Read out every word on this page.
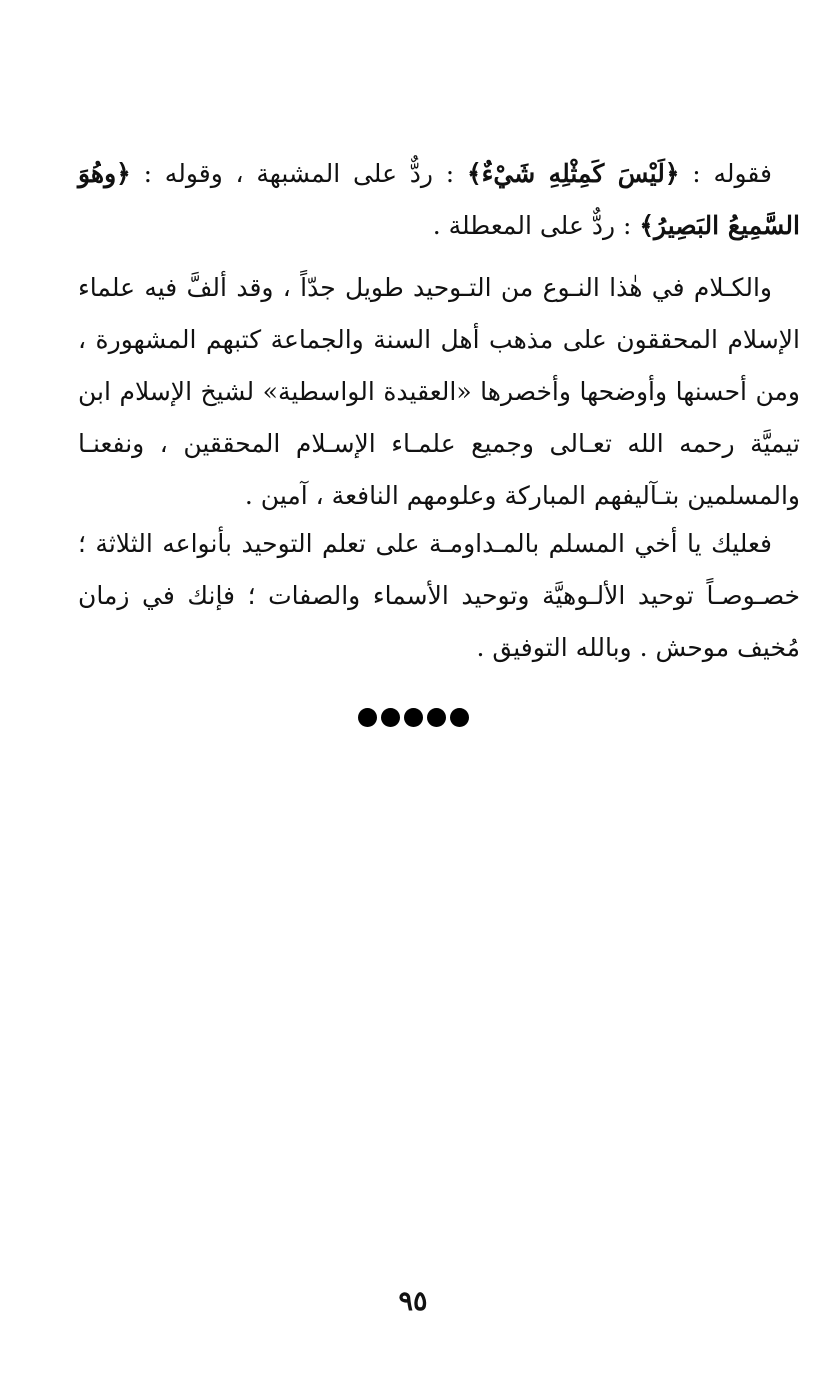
فقوله : ﴿لَيْسَ كَمِثْلِهِ شَيْءٌ﴾ : ردٌّ على المشبهة ، وقوله : ﴿وهُوَ السَّمِيعُ البَصِيرُ﴾ : ردٌّ على المعطلة .

والكـلام في هٰذا النـوع من التـوحيد طويل جدّاً ، وقد ألفَّ فيه علماء الإسلام المحققون على مذهب أهل السنة والجماعة كتبهم المشهورة ، ومن أحسنها وأوضحها وأخصرها «العقيدة الواسطية» لشيخ الإسلام ابن تيميَّة رحمه الله تعـالى وجميع علمـاء الإسـلام المحققين ، ونفعنـا والمسلمين بتـآليفهم المباركة وعلومهم النافعة ، آمين .

فعليك يا أخي المسلم بالمـداومـة على تعلم التوحيد بأنواعه الثلاثة ؛ خصـوصـاً توحيد الألـوهيَّة وتوحيد الأسماء والصفات ؛ فإنك في زمان مُخيف موحش . وبالله التوفيق .

٩٥
